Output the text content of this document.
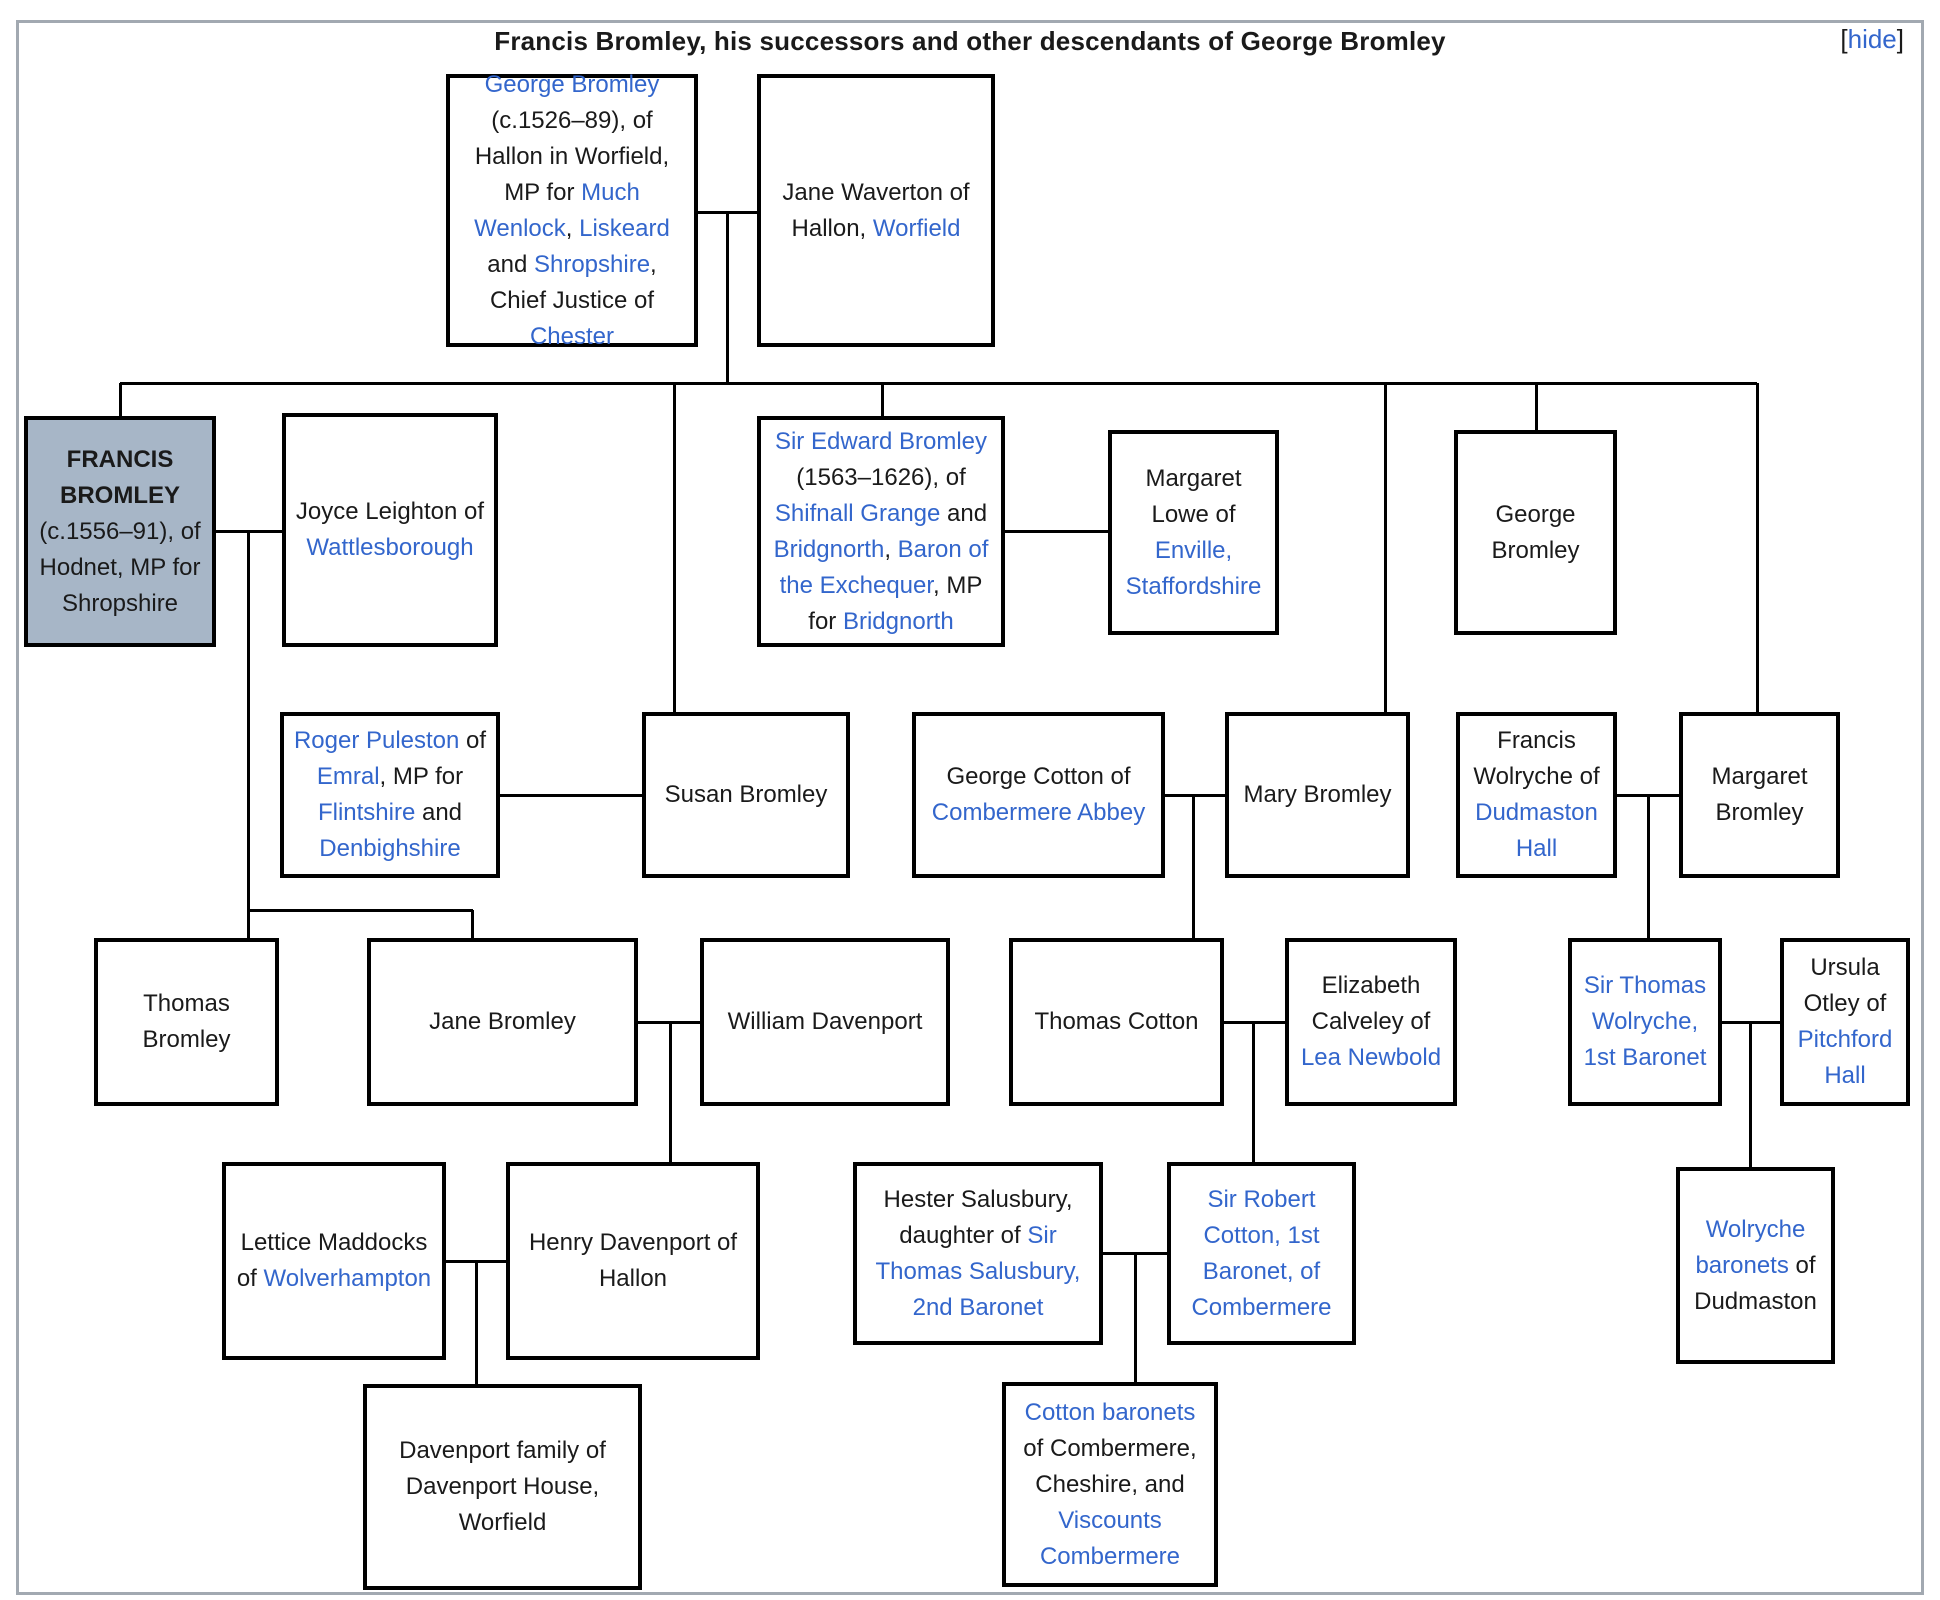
Francis Bromley, his successors and other descendants of George Bromley	[hide]
George Bromley (c.1526–89), of Hallon in Worfield, MP for Much Wenlock, Liskeard and Shropshire, Chief Justice of Chester
Jane Waverton of Hallon, Worfield
FRANCIS BROMLEY (c.1556–91), of Hodnet, MP for Shropshire
Joyce Leighton of Wattlesborough
Sir Edward Bromley (1563–1626), of Shifnall Grange and Bridgnorth, Baron of the Exchequer, MP for Bridgnorth
Margaret Lowe of Enville, Staffordshire
George Bromley
Roger Puleston of Emral, MP for Flintshire and Denbighshire
Susan Bromley
George Cotton of Combermere Abbey
Mary Bromley
Francis Wolryche of Dudmaston Hall
Margaret Bromley
Thomas Bromley
Jane Bromley	William Davenport	Thomas Cotton
Elizabeth Calveley of Lea Newbold
Sir Thomas Wolryche, 1st Baronet
Ursula Otley of Pitchford Hall
Lettice Maddocks of Wolverhampton
Henry Davenport of Hallon
Hester Salusbury, daughter of Sir Thomas Salusbury, 2nd Baronet
Sir Robert Cotton, 1st Baronet, of Combermere
Wolryche baronets of Dudmaston
Davenport family of Davenport House, Worfield
Cotton baronets of Combermere, Cheshire, and Viscounts Combermere
